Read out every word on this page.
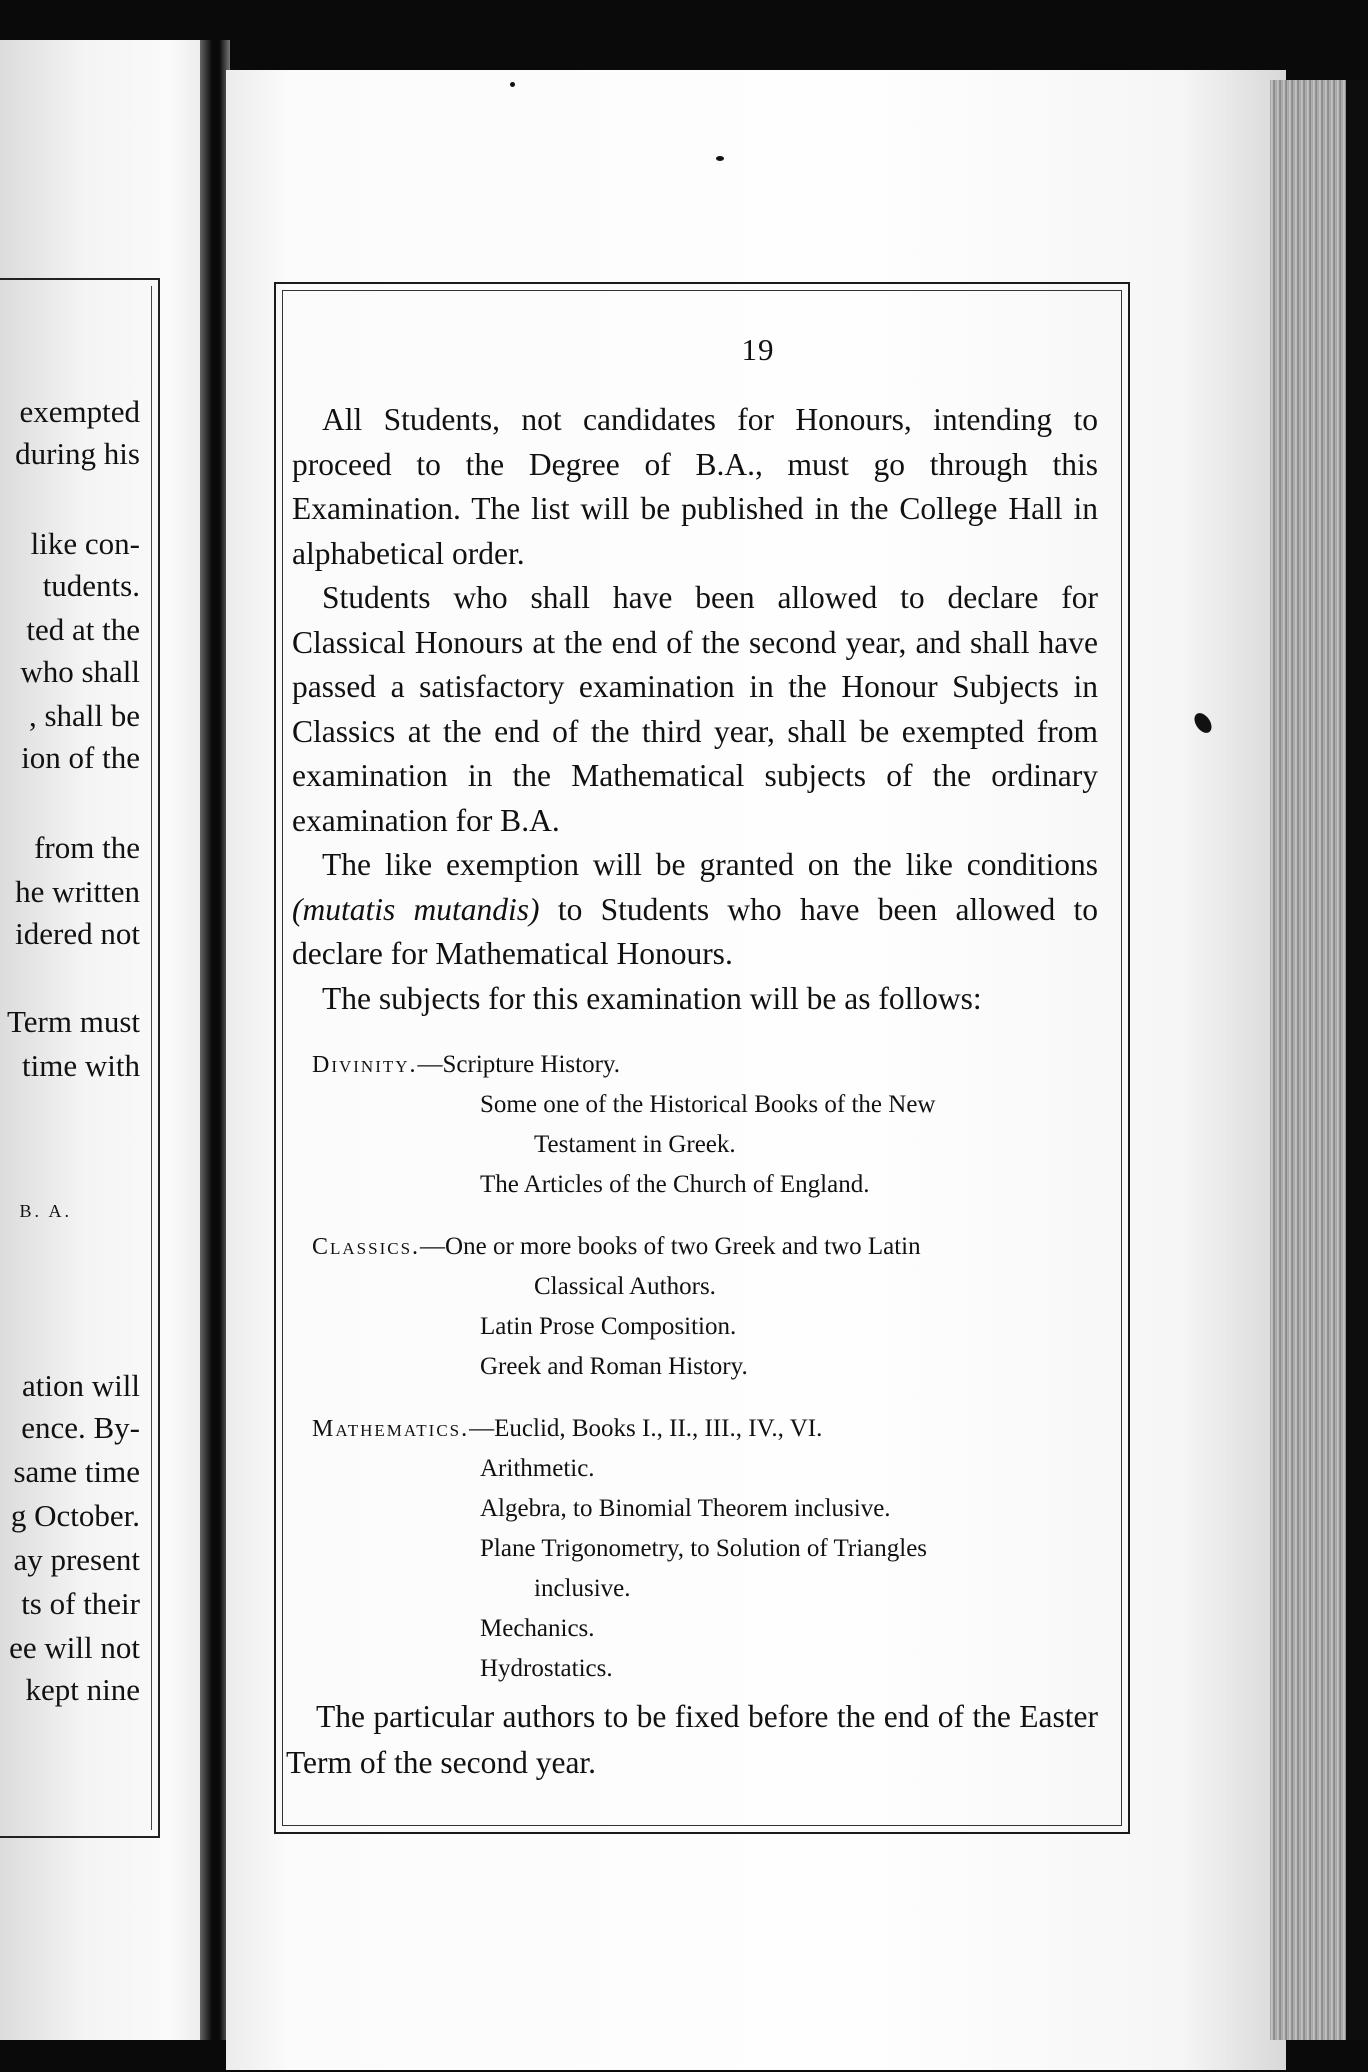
exempted
during his
like con-
tudents.
ted at the
who shall
, shall be
ion of the
from the
he written
idered not
Term must
time with
B. A.
ation will
ence. By-
same time
g October.
ay present
ts of their
ee will not
kept nine
19

All Students, not candidates for Honours, intending to proceed to the Degree of B.A., must go through this Examination. The list will be published in the College Hall in alphabetical order.

Students who shall have been allowed to declare for Classical Honours at the end of the second year, and shall have passed a satisfactory examination in the Honour Subjects in Classics at the end of the third year, shall be exempted from examination in the Mathematical subjects of the ordinary examination for B.A.

The like exemption will be granted on the like conditions (mutatis mutandis) to Students who have been allowed to declare for Mathematical Honours.

The subjects for this examination will be as follows:

Divinity.—Scripture History.
Some one of the Historical Books of the New
Testament in Greek.
The Articles of the Church of England.
Classics.—One or more books of two Greek and two Latin
Classical Authors.
Latin Prose Composition.
Greek and Roman History.
Mathematics.—Euclid, Books I., II., III., IV., VI.
Arithmetic.
Algebra, to Binomial Theorem inclusive.
Plane Trigonometry, to Solution of Triangles
inclusive.
Mechanics.
Hydrostatics.

The particular authors to be fixed before the end of the Easter Term of the second year.
